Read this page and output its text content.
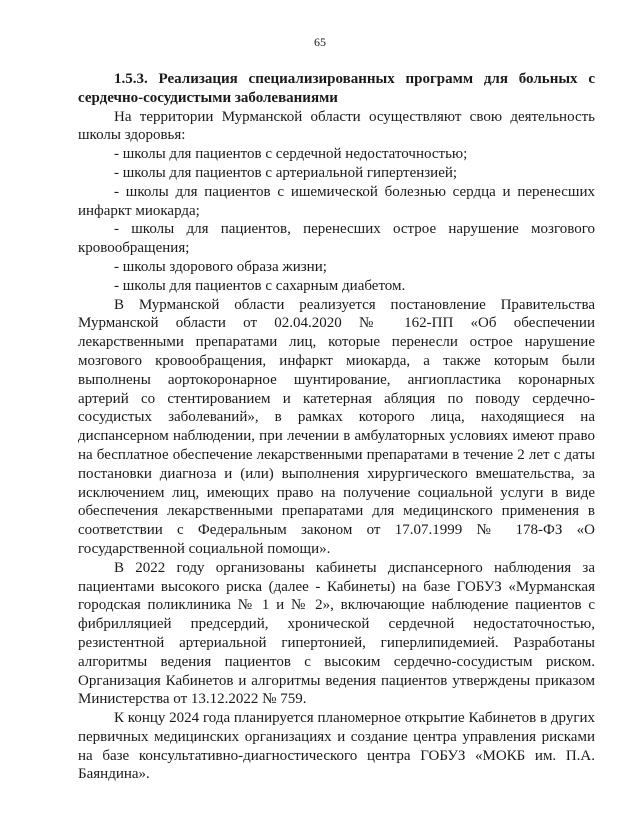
65

1.5.3. Реализация специализированных программ для больных с сердечно-сосудистыми заболеваниями

На территории Мурманской области осуществляют свою деятельность школы здоровья:

- школы для пациентов с сердечной недостаточностью;

- школы для пациентов с артериальной гипертензией;

- школы для пациентов с ишемической болезнью сердца и перенесших инфаркт миокарда;

- школы для пациентов, перенесших острое нарушение мозгового кровообращения;

- школы здорового образа жизни;

- школы для пациентов с сахарным диабетом.

В Мурманской области реализуется постановление Правительства Мурманской области от 02.04.2020 № 162-ПП «Об обеспечении лекарственными препаратами лиц, которые перенесли острое нарушение мозгового кровообращения, инфаркт миокарда, а также которым были выполнены аортокоронарное шунтирование, ангиопластика коронарных артерий со стентированием и катетерная абляция по поводу сердечно-сосудистых заболеваний», в рамках которого лица, находящиеся на диспансерном наблюдении, при лечении в амбулаторных условиях имеют право на бесплатное обеспечение лекарственными препаратами в течение 2 лет с даты постановки диагноза и (или) выполнения хирургического вмешательства, за исключением лиц, имеющих право на получение социальной услуги в виде обеспечения лекарственными препаратами для медицинского применения в соответствии с Федеральным законом от 17.07.1999 № 178-ФЗ «О государственной социальной помощи».

В 2022 году организованы кабинеты диспансерного наблюдения за пациентами высокого риска (далее - Кабинеты) на базе ГОБУЗ «Мурманская городская поликлиника № 1 и № 2», включающие наблюдение пациентов с фибрилляцией предсердий, хронической сердечной недостаточностью, резистентной артериальной гипертонией, гиперлипидемией. Разработаны алгоритмы ведения пациентов с высоким сердечно-сосудистым риском. Организация Кабинетов и алгоритмы ведения пациентов утверждены приказом Министерства от 13.12.2022 № 759.

К концу 2024 года планируется планомерное открытие Кабинетов в других первичных медицинских организациях и создание центра управления рисками на базе консультативно-диагностического центра ГОБУЗ «МОКБ им. П.А. Баяндина».
